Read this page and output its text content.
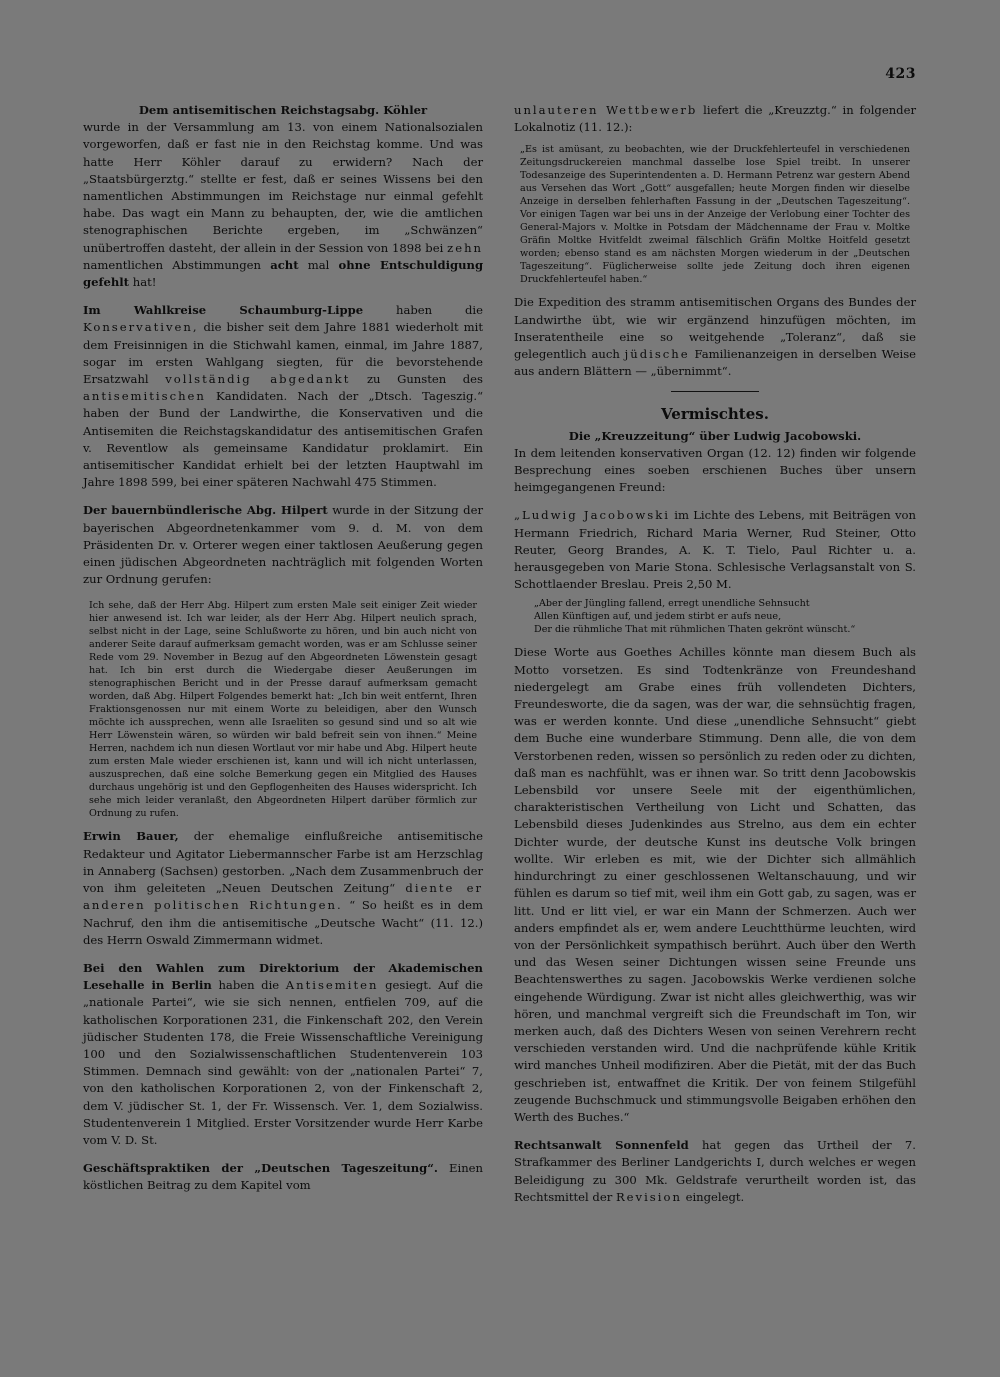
423

Dem antisemitischen Reichstagsabg. Köhler
wurde in der Versammlung am 13. von einem Nationalsozialen vorgeworfen, daß er fast nie in den Reichstag komme. Und was hatte Herr Köhler darauf zu erwidern? Nach der „Staatsbürgerztg.“ stellte er fest, daß er seines Wissens bei den namentlichen Abstimmungen im Reichstage nur einmal gefehlt habe. Das wagt ein Mann zu behaupten, der, wie die amtlichen stenographischen Berichte ergeben, im „Schwänzen“ unübertroffen dasteht, der allein in der Session von 1898 bei zehn namentlichen Abstimmungen acht mal ohne Entschuldigung gefehlt hat!

Im Wahlkreise Schaumburg-Lippe	haben die Konservativen, die bisher seit dem Jahre 1881 wiederholt mit dem Freisinnigen in die Stichwahl kamen, einmal, im Jahre 1887, sogar im ersten Wahlgang siegten, für die bevorstehende Ersatzwahl vollständig abgedankt zu Gunsten des antisemitischen Kandidaten. Nach der „Dtsch. Tageszig.“ haben der Bund der Landwirthe, die Konservativen und die Antisemiten die Reichstagskandidatur des antisemitischen Grafen v. Reventlow als gemeinsame Kandidatur proklamirt. Ein antisemitischer Kandidat erhielt bei der letzten Hauptwahl im Jahre 1898 599, bei einer späteren Nachwahl 475 Stimmen.

Der bauernbündlerische Abg. Hilpert wurde in der Sitzung der bayerischen Abgeordnetenkammer vom 9. d. M. von dem Präsidenten Dr. v. Orterer wegen einer taktlosen Aeußerung gegen einen jüdischen Abgeordneten nachträglich mit folgenden Worten zur Ordnung gerufen:

Ich sehe, daß der Herr Abg. Hilpert zum ersten Male seit einiger Zeit wieder hier anwesend ist. Ich war leider, als der Herr Abg. Hilpert neulich sprach, selbst nicht in der Lage, seine Schlußworte zu hören, und bin auch nicht von anderer Seite darauf aufmerksam gemacht worden, was er am Schlusse seiner Rede vom 29. November in Bezug auf den Abgeordneten Löwenstein gesagt hat. Ich bin erst durch die Wiedergabe dieser Aeußerungen im stenographischen Bericht und in der Presse darauf aufmerksam gemacht worden, daß Abg. Hilpert Folgendes bemerkt hat: „Ich bin weit entfernt, Ihren Fraktionsgenossen nur mit einem Worte zu beleidigen, aber den Wunsch möchte ich aussprechen, wenn alle Israeliten so gesund sind und so alt wie Herr Löwenstein wären, so würden wir bald befreit sein von ihnen.“ Meine Herren, nachdem ich nun diesen Wortlaut vor mir habe und Abg. Hilpert heute zum ersten Male wieder erschienen ist, kann und will ich nicht unterlassen, auszusprechen, daß eine solche Bemerkung gegen ein Mitglied des Hauses durchaus ungehörig ist und den Gepflogenheiten des Hauses widerspricht. Ich sehe mich leider veranlaßt, den Abgeordneten Hilpert darüber förmlich zur Ordnung zu rufen.

Erwin Bauer, der ehemalige einflußreiche antisemitische Redakteur und Agitator Liebermannscher Farbe ist am Herzschlag in Annaberg (Sachsen) gestorben. „Nach dem Zusammenbruch der von ihm geleiteten „Neuen Deutschen Zeitung“ diente er anderen politischen Richtungen. “ So heißt es in dem Nachruf, den ihm die antisemitische „Deutsche Wacht“ (11. 12.) des Herrn Oswald Zimmermann widmet.

Bei den Wahlen zum Direktorium der Akademischen Lesehalle in Berlin haben die Antisemiten gesiegt. Auf die „nationale Partei“, wie sie sich nennen, entfielen 709, auf die katholischen Korporationen 231, die Finkenschaft 202, den Verein jüdischer Studenten 178, die Freie Wissenschaftliche Vereinigung 100 und den Sozialwissenschaftlichen Studentenverein 103 Stimmen. Demnach sind gewählt: von der „nationalen Partei“ 7, von den katholischen Korporationen 2, von der Finkenschaft 2, dem V. jüdischer St. 1, der Fr. Wissensch. Ver. 1, dem Sozialwiss. Studentenverein 1 Mitglied. Erster Vorsitzender wurde Herr Karbe vom V. D. St.

Geschäftspraktiken der „Deutschen Tageszeitung“. Einen köstlichen Beitrag zu dem Kapitel vom

unlauteren Wettbewerb liefert die „Kreuzztg.“ in folgender Lokalnotiz (11. 12.):

„Es ist amüsant, zu beobachten, wie der Druckfehlerteufel in verschiedenen Zeitungsdruckereien manchmal dasselbe lose Spiel treibt. In unserer Todesanzeige des Superintendenten a. D. Hermann Petrenz war gestern Abend aus Versehen das Wort „Gott“ ausgefallen; heute Morgen finden wir dieselbe Anzeige in derselben fehlerhaften Fassung in der „Deutschen Tageszeitung“. Vor einigen Tagen war bei uns in der Anzeige der Verlobung einer Tochter des General-Majors v. Moltke in Potsdam der Mädchenname der Frau v. Moltke Gräfin Moltke Hvitfeldt zweimal fälschlich Gräfin Moltke Hoitfeld gesetzt worden; ebenso stand es am nächsten Morgen wiederum in der „Deutschen Tageszeitung“. Füglicherweise sollte jede Zeitung doch ihren eigenen Druckfehlerteufel haben.“

Die Expedition des stramm antisemitischen Organs des Bundes der Landwirthe übt, wie wir ergänzend hinzufügen möchten, im Inseratentheile eine so weitgehende „Toleranz“, daß sie gelegentlich auch jüdische Familienanzeigen in derselben Weise aus andern Blättern — „übernimmt“.

Vermischtes.

Die „Kreuzzeitung“ über Ludwig Jacobowski.
In dem leitenden konservativen Organ (12. 12) finden wir folgende Besprechung eines soeben erschienen Buches über unsern heimgegangenen Freund:

„Ludwig Jacobowski im Lichte des Lebens, mit Beiträgen von Hermann Friedrich, Richard Maria Werner, Rud Steiner, Otto Reuter, Georg Brandes, A. K. T. Tielo, Paul Richter u. a. herausgegeben von Marie Stona. Schlesische Verlagsanstalt von S. Schottlaender Breslau. Preis 2,50 M.

„Aber der Jüngling fallend, erregt unendliche Sehnsucht
Allen Künftigen auf, und jedem stirbt er aufs neue,
Der die rühmliche That mit rühmlichen Thaten gekrönt wünscht.“

Diese Worte aus Goethes Achilles könnte man diesem Buch als Motto vorsetzen. Es sind Todtenkränze von Freundeshand niedergelegt am Grabe eines früh vollendeten Dichters, Freundesworte, die da sagen, was der war, die sehnsüchtig fragen, was er werden konnte. Und diese „unendliche Sehnsucht“ giebt dem Buche eine wunderbare Stimmung. Denn alle, die von dem Verstorbenen reden, wissen so persönlich zu reden oder zu dichten, daß man es nachfühlt, was er ihnen war. So tritt denn Jacobowskis Lebensbild vor unsere Seele mit der eigenthümlichen, charakteristischen Vertheilung von Licht und Schatten, das Lebensbild dieses Judenkindes aus Strelno, aus dem ein echter Dichter wurde, der deutsche Kunst ins deutsche Volk bringen wollte. Wir erleben es mit, wie der Dichter sich allmählich hindurchringt zu einer geschlossenen Weltanschauung, und wir fühlen es darum so tief mit, weil ihm ein Gott gab, zu sagen, was er litt. Und er litt viel, er war ein Mann der Schmerzen. Auch wer anders empfindet als er, wem andere Leuchtthürme leuchten, wird von der Persönlichkeit sympathisch berührt. Auch über den Werth und das Wesen seiner Dichtungen wissen seine Freunde uns Beachtenswerthes zu sagen. Jacobowskis Werke verdienen solche eingehende Würdigung. Zwar ist nicht alles gleichwerthig, was wir hören, und manchmal vergreift sich die Freundschaft im Ton, wir merken auch, daß des Dichters Wesen von seinen Verehrern recht verschieden verstanden wird. Und die nachprüfende kühle Kritik wird manches Unheil modifiziren. Aber die Pietät, mit der das Buch geschrieben ist, entwaffnet die Kritik. Der von feinem Stilgefühl zeugende Buchschmuck und stimmungsvolle Beigaben erhöhen den Werth des Buches.“

Rechtsanwalt Sonnenfeld hat gegen das Urtheil der 7. Strafkammer des Berliner Landgerichts I, durch welches er wegen Beleidigung zu 300 Mk. Geldstrafe verurtheilt worden ist, das Rechtsmittel der Revision eingelegt.
